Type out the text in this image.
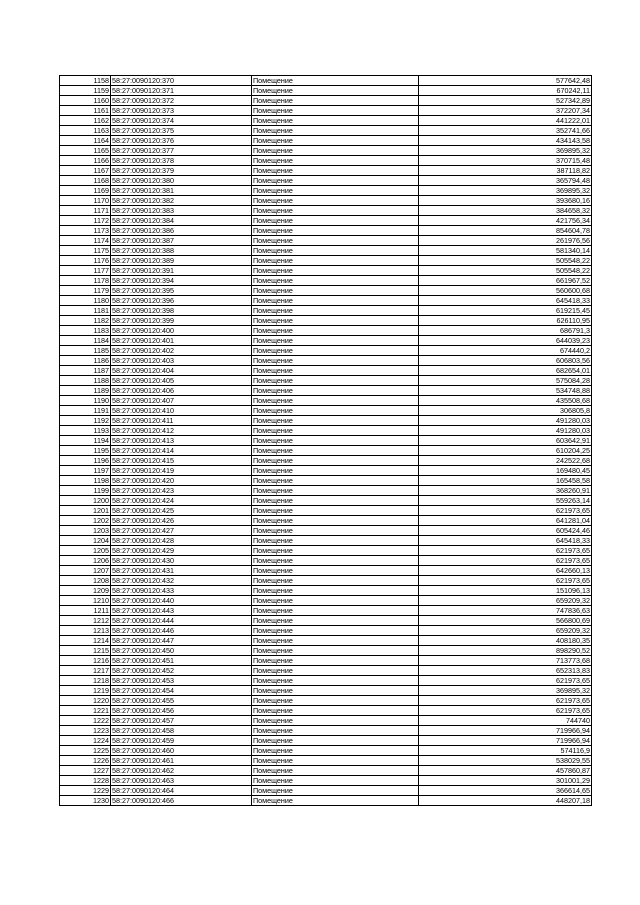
1158	58:27:0090120:370	Помещение	577642,48
1159	58:27:0090120:371	Помещение	670242,11
1160	58:27:0090120:372	Помещение	527342,89
1161	58:27:0090120:373	Помещение	372207,34
1162	58:27:0090120:374	Помещение	441222,01
1163	58:27:0090120:375	Помещение	352741,66
1164	58:27:0090120:376	Помещение	434143,58
1165	58:27:0090120:377	Помещение	369895,32
1166	58:27:0090120:378	Помещение	370715,48
1167	58:27:0090120:379	Помещение	387118,82
1168	58:27:0090120:380	Помещение	365794,48
1169	58:27:0090120:381	Помещение	369895,32
1170	58:27:0090120:382	Помещение	393680,16
1171	58:27:0090120:383	Помещение	384658,32
1172	58:27:0090120:384	Помещение	421756,34
1173	58:27:0090120:386	Помещение	854604,78
1174	58:27:0090120:387	Помещение	261976,56
1175	58:27:0090120:388	Помещение	581340,14
1176	58:27:0090120:389	Помещение	505548,22
1177	58:27:0090120:391	Помещение	505548,22
1178	58:27:0090120:394	Помещение	661967,52
1179	58:27:0090120:395	Помещение	560600,68
1180	58:27:0090120:396	Помещение	645418,33
1181	58:27:0090120:398	Помещение	619215,45
1182	58:27:0090120:399	Помещение	626110,95
1183	58:27:0090120:400	Помещение	686791,3
1184	58:27:0090120:401	Помещение	644039,23
1185	58:27:0090120:402	Помещение	674440,2
1186	58:27:0090120:403	Помещение	606803,56
1187	58:27:0090120:404	Помещение	682654,01
1188	58:27:0090120:405	Помещение	575084,28
1189	58:27:0090120:406	Помещение	534748,88
1190	58:27:0090120:407	Помещение	435508,68
1191	58:27:0090120:410	Помещение	306805,8
1192	58:27:0090120:411	Помещение	491280,03
1193	58:27:0090120:412	Помещение	491280,03
1194	58:27:0090120:413	Помещение	603642,91
1195	58:27:0090120:414	Помещение	610204,25
1196	58:27:0090120:415	Помещение	242522,68
1197	58:27:0090120:419	Помещение	169480,45
1198	58:27:0090120:420	Помещение	165458,58
1199	58:27:0090120:423	Помещение	368260,91
1200	58:27:0090120:424	Помещение	559263,14
1201	58:27:0090120:425	Помещение	621973,65
1202	58:27:0090120:426	Помещение	641281,04
1203	58:27:0090120:427	Помещение	605424,46
1204	58:27:0090120:428	Помещение	645418,33
1205	58:27:0090120:429	Помещение	621973,65
1206	58:27:0090120:430	Помещение	621973,65
1207	58:27:0090120:431	Помещение	642660,13
1208	58:27:0090120:432	Помещение	621973,65
1209	58:27:0090120:433	Помещение	151096,13
1210	58:27:0090120:440	Помещение	659209,32
1211	58:27:0090120:443	Помещение	747836,63
1212	58:27:0090120:444	Помещение	566800,69
1213	58:27:0090120:446	Помещение	659209,32
1214	58:27:0090120:447	Помещение	408180,35
1215	58:27:0090120:450	Помещение	898290,52
1216	58:27:0090120:451	Помещение	713773,68
1217	58:27:0090120:452	Помещение	652313,83
1218	58:27:0090120:453	Помещение	621973,65
1219	58:27:0090120:454	Помещение	369895,32
1220	58:27:0090120:455	Помещение	621973,65
1221	58:27:0090120:456	Помещение	621973,65
1222	58:27:0090120:457	Помещение	744740
1223	58:27:0090120:458	Помещение	719966,94
1224	58:27:0090120:459	Помещение	719966,94
1225	58:27:0090120:460	Помещение	574116,9
1226	58:27:0090120:461	Помещение	538029,55
1227	58:27:0090120:462	Помещение	457860,87
1228	58:27:0090120:463	Помещение	301001,29
1229	58:27:0090120:464	Помещение	366614,65
1230	58:27:0090120:466	Помещение	448207,18
